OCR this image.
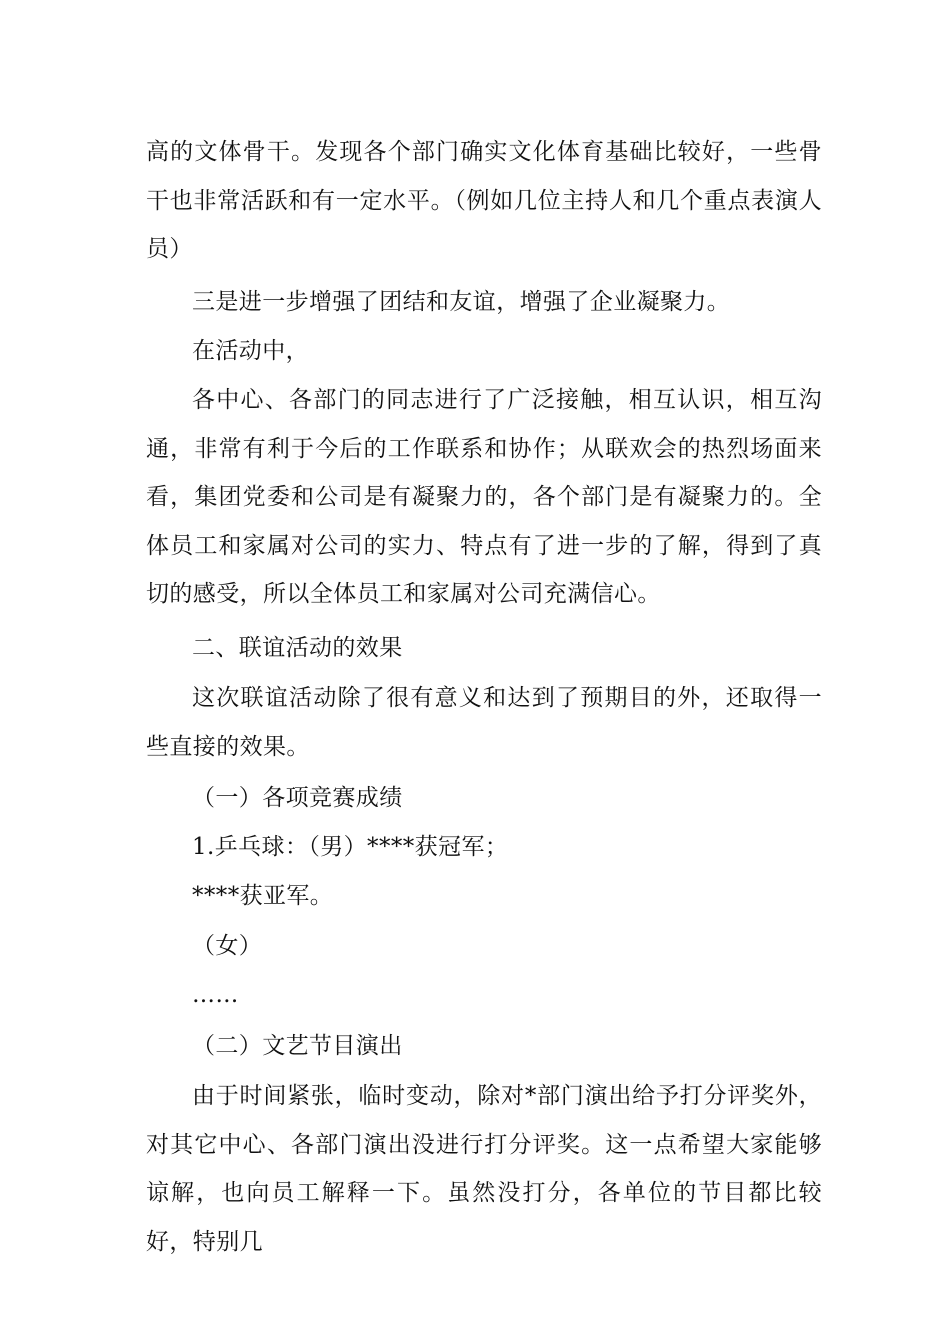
高的文体骨干。发现各个部门确实文化体育基础比较好，一些骨干也非常活跃和有一定水平。（例如几位主持人和几个重点表演人员）

三是进一步增强了团结和友谊，增强了企业凝聚力。

在活动中，

各中心、各部门的同志进行了广泛接触，相互认识，相互沟通，非常有利于今后的工作联系和协作；从联欢会的热烈场面来看，集团党委和公司是有凝聚力的，各个部门是有凝聚力的。全体员工和家属对公司的实力、特点有了进一步的了解，得到了真切的感受，所以全体员工和家属对公司充满信心。

二、联谊活动的效果

这次联谊活动除了很有意义和达到了预期目的外，还取得一些直接的效果。

（一）各项竞赛成绩

1.乒乓球：（男）****获冠军；

****获亚军。

（女）

……

（二）文艺节目演出

由于时间紧张，临时变动，除对*部门演出给予打分评奖外，对其它中心、各部门演出没进行打分评奖。这一点希望大家能够谅解，也向员工解释一下。虽然没打分，各单位的节目都比较好，特别几
